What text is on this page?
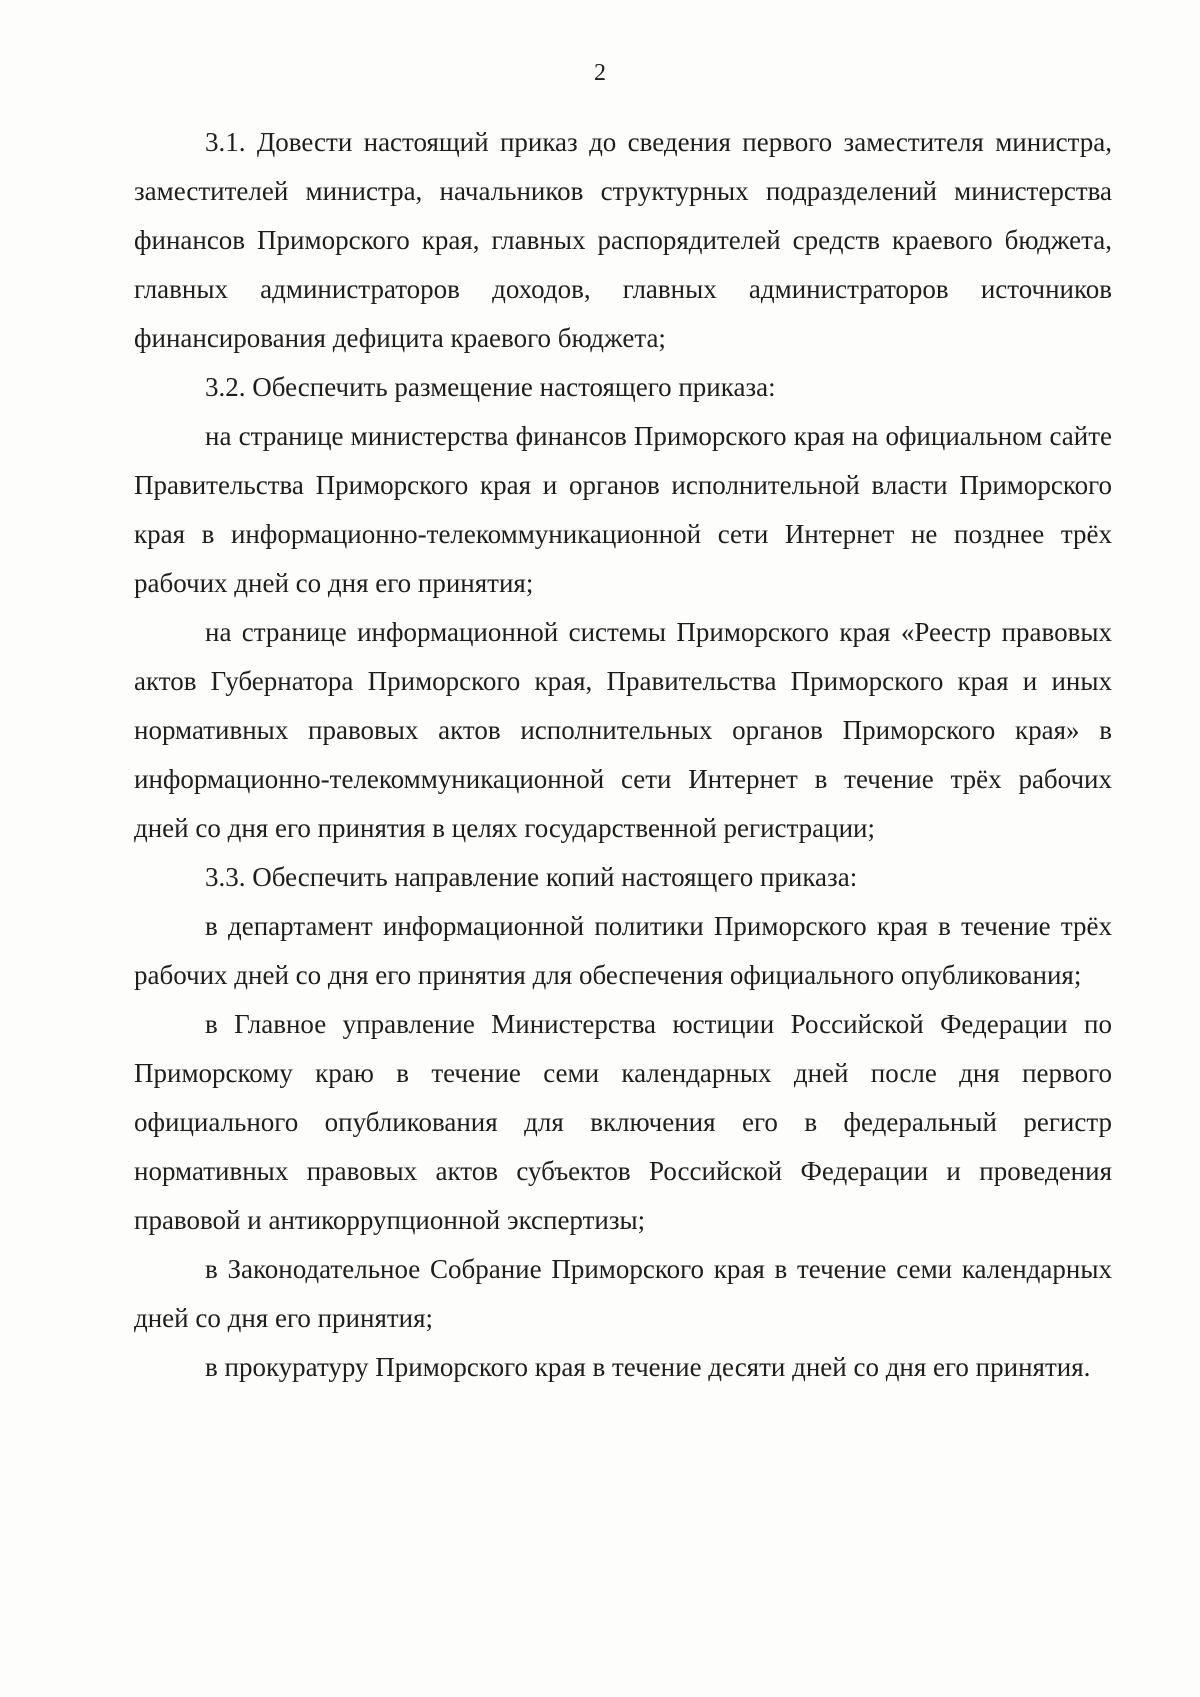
2

3.1. Довести настоящий приказ до сведения первого заместителя министра, заместителей министра, начальников структурных подразделений министерства финансов Приморского края, главных распорядителей средств краевого бюджета, главных администраторов доходов, главных администраторов источников финансирования дефицита краевого бюджета;

3.2. Обеспечить размещение настоящего приказа:

на странице министерства финансов Приморского края на официальном сайте Правительства Приморского края и органов исполнительной власти Приморского края в информационно-телекоммуникационной сети Интернет не позднее трёх рабочих дней со дня его принятия;

на странице информационной системы Приморского края «Реестр правовых актов Губернатора Приморского края, Правительства Приморского края и иных нормативных правовых актов исполнительных органов Приморского края» в информационно-телекоммуникационной сети Интернет в течение трёх рабочих дней со дня его принятия в целях государственной регистрации;

3.3. Обеспечить направление копий настоящего приказа:

в департамент информационной политики Приморского края в течение трёх рабочих дней со дня его принятия для обеспечения официального опубликования;

в Главное управление Министерства юстиции Российской Федерации по Приморскому краю в течение семи календарных дней после дня первого официального опубликования для включения его в федеральный регистр нормативных правовых актов субъектов Российской Федерации и проведения правовой и антикоррупционной экспертизы;

в Законодательное Собрание Приморского края в течение семи календарных дней со дня его принятия;

в прокуратуру Приморского края в течение десяти дней со дня его принятия.
